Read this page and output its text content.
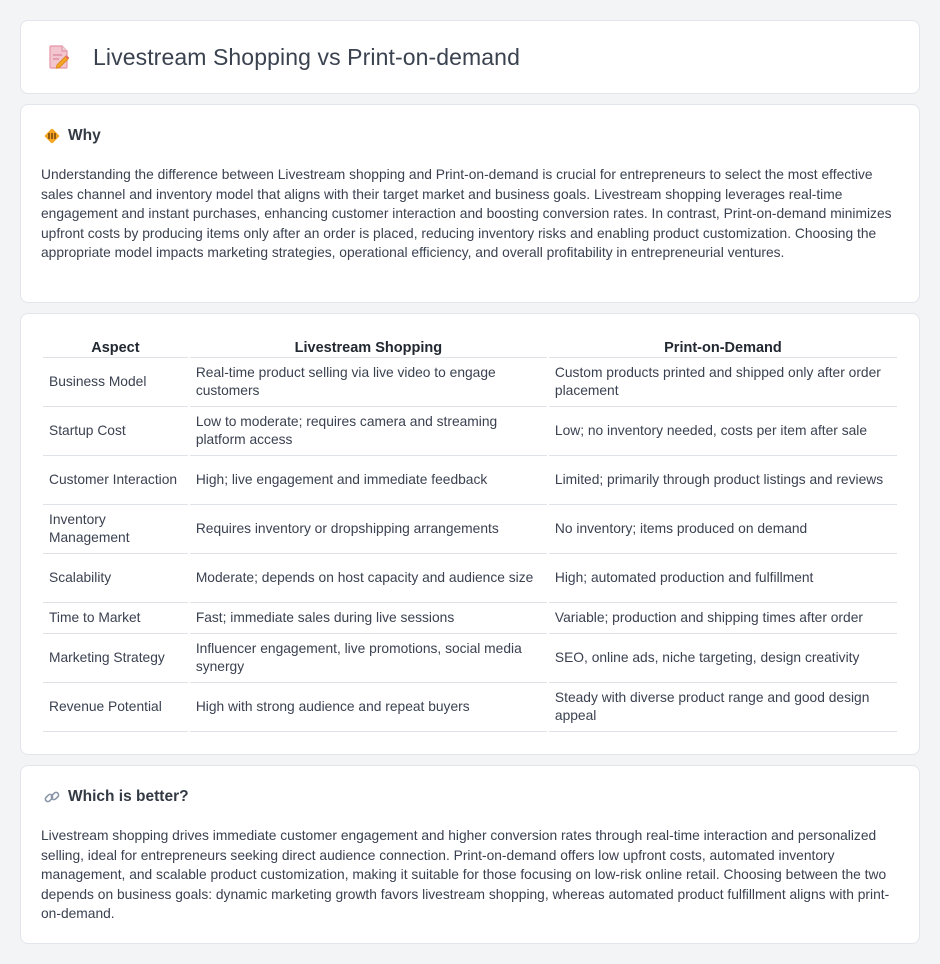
Livestream Shopping vs Print-on-demand
Why

Understanding the difference between Livestream shopping and Print-on-demand is crucial for entrepreneurs to select the most effective sales channel and inventory model that aligns with their target market and business goals. Livestream shopping leverages real-time engagement and instant purchases, enhancing customer interaction and boosting conversion rates. In contrast, Print-on-demand minimizes upfront costs by producing items only after an order is placed, reducing inventory risks and enabling product customization. Choosing the appropriate model impacts marketing strategies, operational efficiency, and overall profitability in entrepreneurial ventures.

Aspect	Livestream Shopping	Print-on-Demand
Business Model	Real-time product selling via live video to engage customers	Custom products printed and shipped only after order placement
Startup Cost	Low to moderate; requires camera and streaming platform access	Low; no inventory needed, costs per item after sale
Customer Interaction	High; live engagement and immediate feedback	Limited; primarily through product listings and reviews
Inventory Management	Requires inventory or dropshipping arrangements	No inventory; items produced on demand
Scalability	Moderate; depends on host capacity and audience size	High; automated production and fulfillment
Time to Market	Fast; immediate sales during live sessions	Variable; production and shipping times after order
Marketing Strategy	Influencer engagement, live promotions, social media synergy	SEO, online ads, niche targeting, design creativity
Revenue Potential	High with strong audience and repeat buyers	Steady with diverse product range and good design appeal
Which is better?

Livestream shopping drives immediate customer engagement and higher conversion rates through real-time interaction and personalized selling, ideal for entrepreneurs seeking direct audience connection. Print-on-demand offers low upfront costs, automated inventory management, and scalable product customization, making it suitable for those focusing on low-risk online retail. Choosing between the two depends on business goals: dynamic marketing growth favors livestream shopping, whereas automated product fulfillment aligns with print-on-demand.
